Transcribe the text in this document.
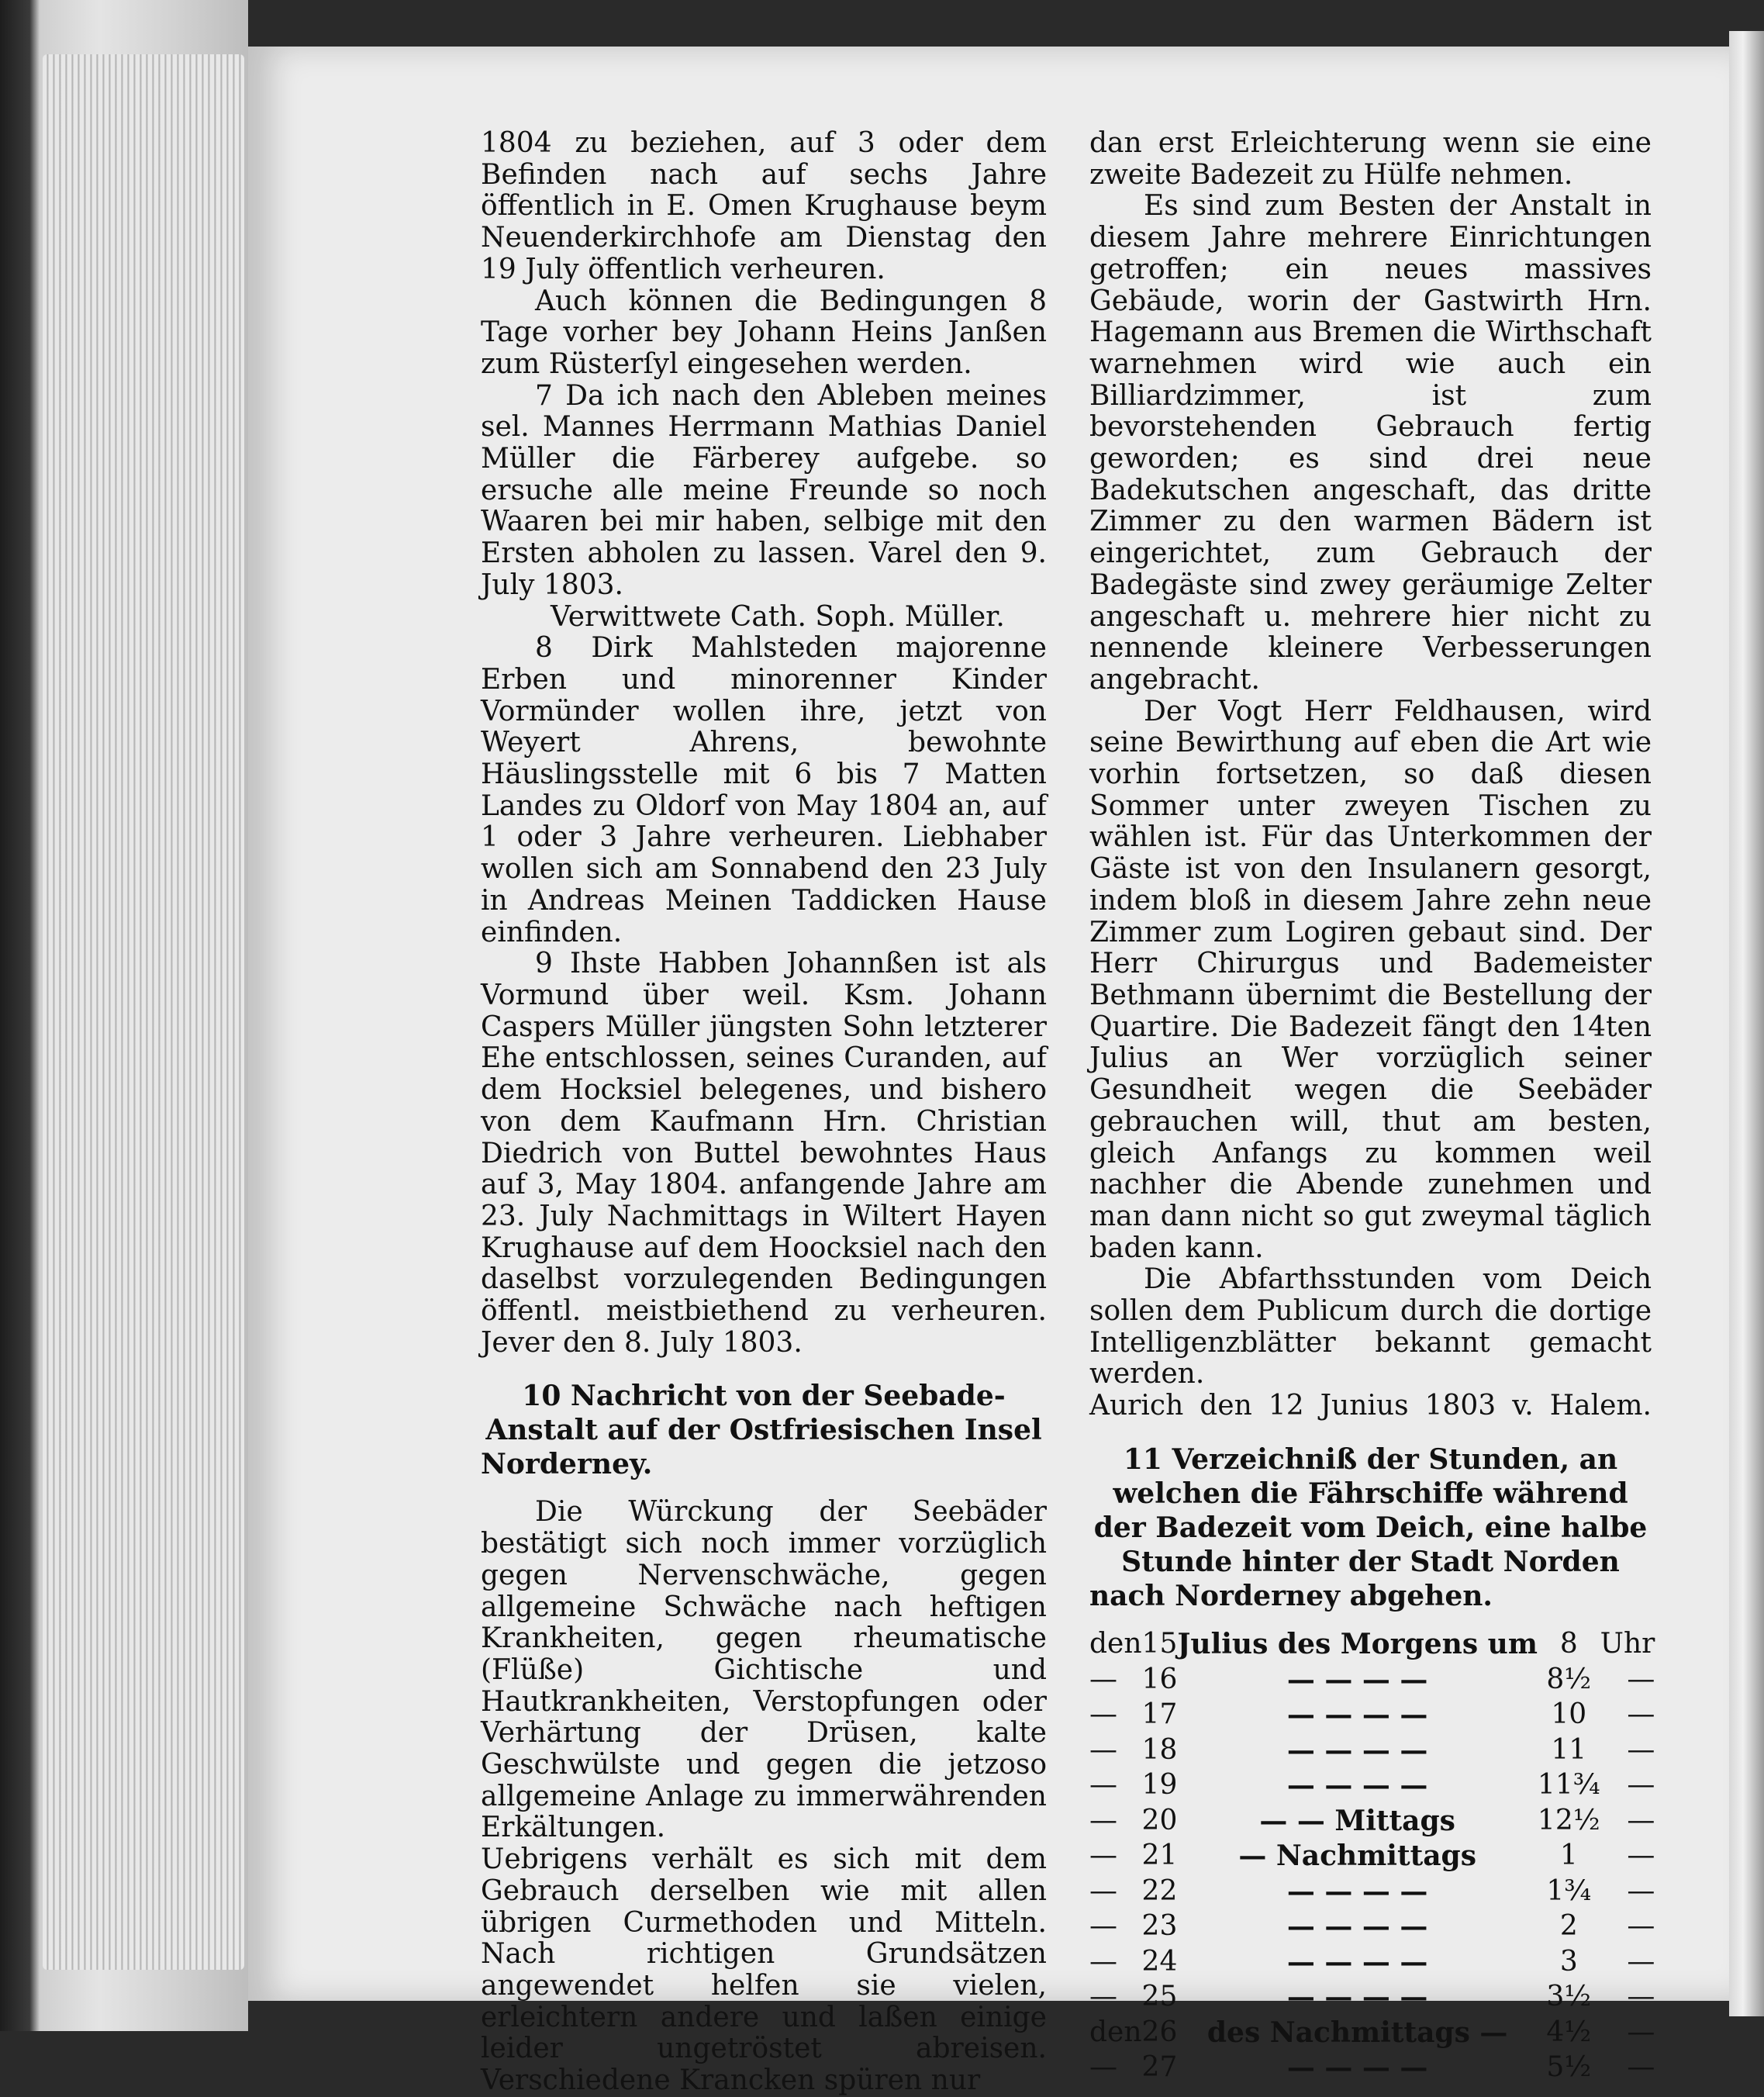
1804 zu beziehen, auf 3 oder dem Befinden nach auf sechs Jahre öffentlich in E. Omen Krughause beym Neuenderkirchhofe am Dienstag den 19 July öffentlich verheuren.

Auch können die Bedingungen 8 Tage vorher bey Johann Heins Janßen zum Rüsterſyl eingesehen werden.

7 Da ich nach den Ableben meines sel. Mannes Herrmann Mathias Daniel Müller die Färberey aufgebe. so ersuche alle meine Freunde so noch Waaren bei mir haben, selbige mit den Ersten abholen zu lassen. Varel den 9. July 1803.

Verwittwete Cath. Soph. Müller.

8 Dirk Mahlsteden majorenne Erben und minorenner Kinder Vormünder wollen ihre, jetzt von Weyert Ahrens, bewohnte Häuslingsstelle mit 6 bis 7 Matten Landes zu Oldorf von May 1804 an, auf 1 oder 3 Jahre verheuren. Liebhaber wollen sich am Sonnabend den 23 July in Andreas Meinen Taddicken Hause einfinden.

9 Ihste Habben Johannßen ist als Vormund über weil. Ksm. Johann Caspers Müller jüngsten Sohn letzterer Ehe entschlossen, seines Curanden, auf dem Hocksiel belegenes, und bishero von dem Kaufmann Hrn. Christian Diedrich von Buttel bewohntes Haus auf 3, May 1804. anfangende Jahre am 23. July Nachmittags in Wiltert Hayen Krughause auf dem Hoocksiel nach den daselbst vorzulegenden Bedingungen öffentl. meistbiethend zu verheuren. Jever den 8. July 1803.

10 Nachricht von der Seebade-Anstalt auf der Ostfriesischen Insel Norderney.

Die Würckung der Seebäder bestätigt sich noch immer vorzüglich gegen Nervenschwäche, gegen allgemeine Schwäche nach heftigen Krankheiten, gegen rheumatische (Flüße) Gichtische und Hautkrankheiten, Verstopfungen oder Verhärtung der Drüsen, kalte Geschwülste und gegen die jetzoso allgemeine Anlage zu immerwährenden Erkältungen.

Uebrigens verhält es sich mit dem Gebrauch derselben wie mit allen übrigen Curmethoden und Mitteln. Nach richtigen Grundsätzen angewendet helfen sie vielen, erleichtern andere und laßen einige leider ungetröstet abreisen. Verschiedene Krancken spüren nur

dan erst Erleichterung wenn sie eine zweite Badezeit zu Hülfe nehmen.

Es sind zum Besten der Anstalt in diesem Jahre mehrere Einrichtungen getroffen; ein neues massives Gebäude, worin der Gastwirth Hrn. Hagemann aus Bremen die Wirthschaft warnehmen wird wie auch ein Billiardzimmer, ist zum bevorstehenden Gebrauch fertig geworden; es sind drei neue Badekutschen angeschaft, das dritte Zimmer zu den warmen Bädern ist eingerichtet, zum Gebrauch der Badegäste sind zwey geräumige Zelter angeschaft u. mehrere hier nicht zu nennende kleinere Verbesserungen angebracht.

Der Vogt Herr Feldhausen, wird seine Bewirthung auf eben die Art wie vorhin fortsetzen, so daß diesen Sommer unter zweyen Tischen zu wählen ist. Für das Unterkommen der Gäste ist von den Insulanern gesorgt, indem bloß in diesem Jahre zehn neue Zimmer zum Logiren gebaut sind. Der Herr Chirurgus und Bademeister Bethmann übernimt die Bestellung der Quartire. Die Badezeit fängt den 14ten Julius an Wer vorzüglich seiner Gesundheit wegen die Seebäder gebrauchen will, thut am besten, gleich Anfangs zu kommen weil nachher die Abende zunehmen und man dann nicht so gut zweymal täglich baden kann.

Die Abfarthsstunden vom Deich sollen dem Publicum durch die dortige Intelligenzblätter bekannt gemacht werden.

Aurich den 12 Junius 1803 v. Halem.

11 Verzeichniß der Stunden, an welchen die Fährschiffe während der Badezeit vom Deich, eine halbe Stunde hinter der Stadt Norden nach Norderney abgehen.

den	15	Julius des Morgens um	8	Uhr
—	16	— — — —	8½	—
—	17	— — — —	10	—
—	18	— — — —	11	—
—	19	— — — —	11¾	—
—	20	— — Mittags	12½	—
—	21	— Nachmittags	1	—
—	22	— — — —	1¾	—
—	23	— — — —	2	—
—	24	— — — —	3	—
—	25	— — — —	3½	—
den	26	des Nachmittags —	4½	—
—	27	— — — —	5½	—
